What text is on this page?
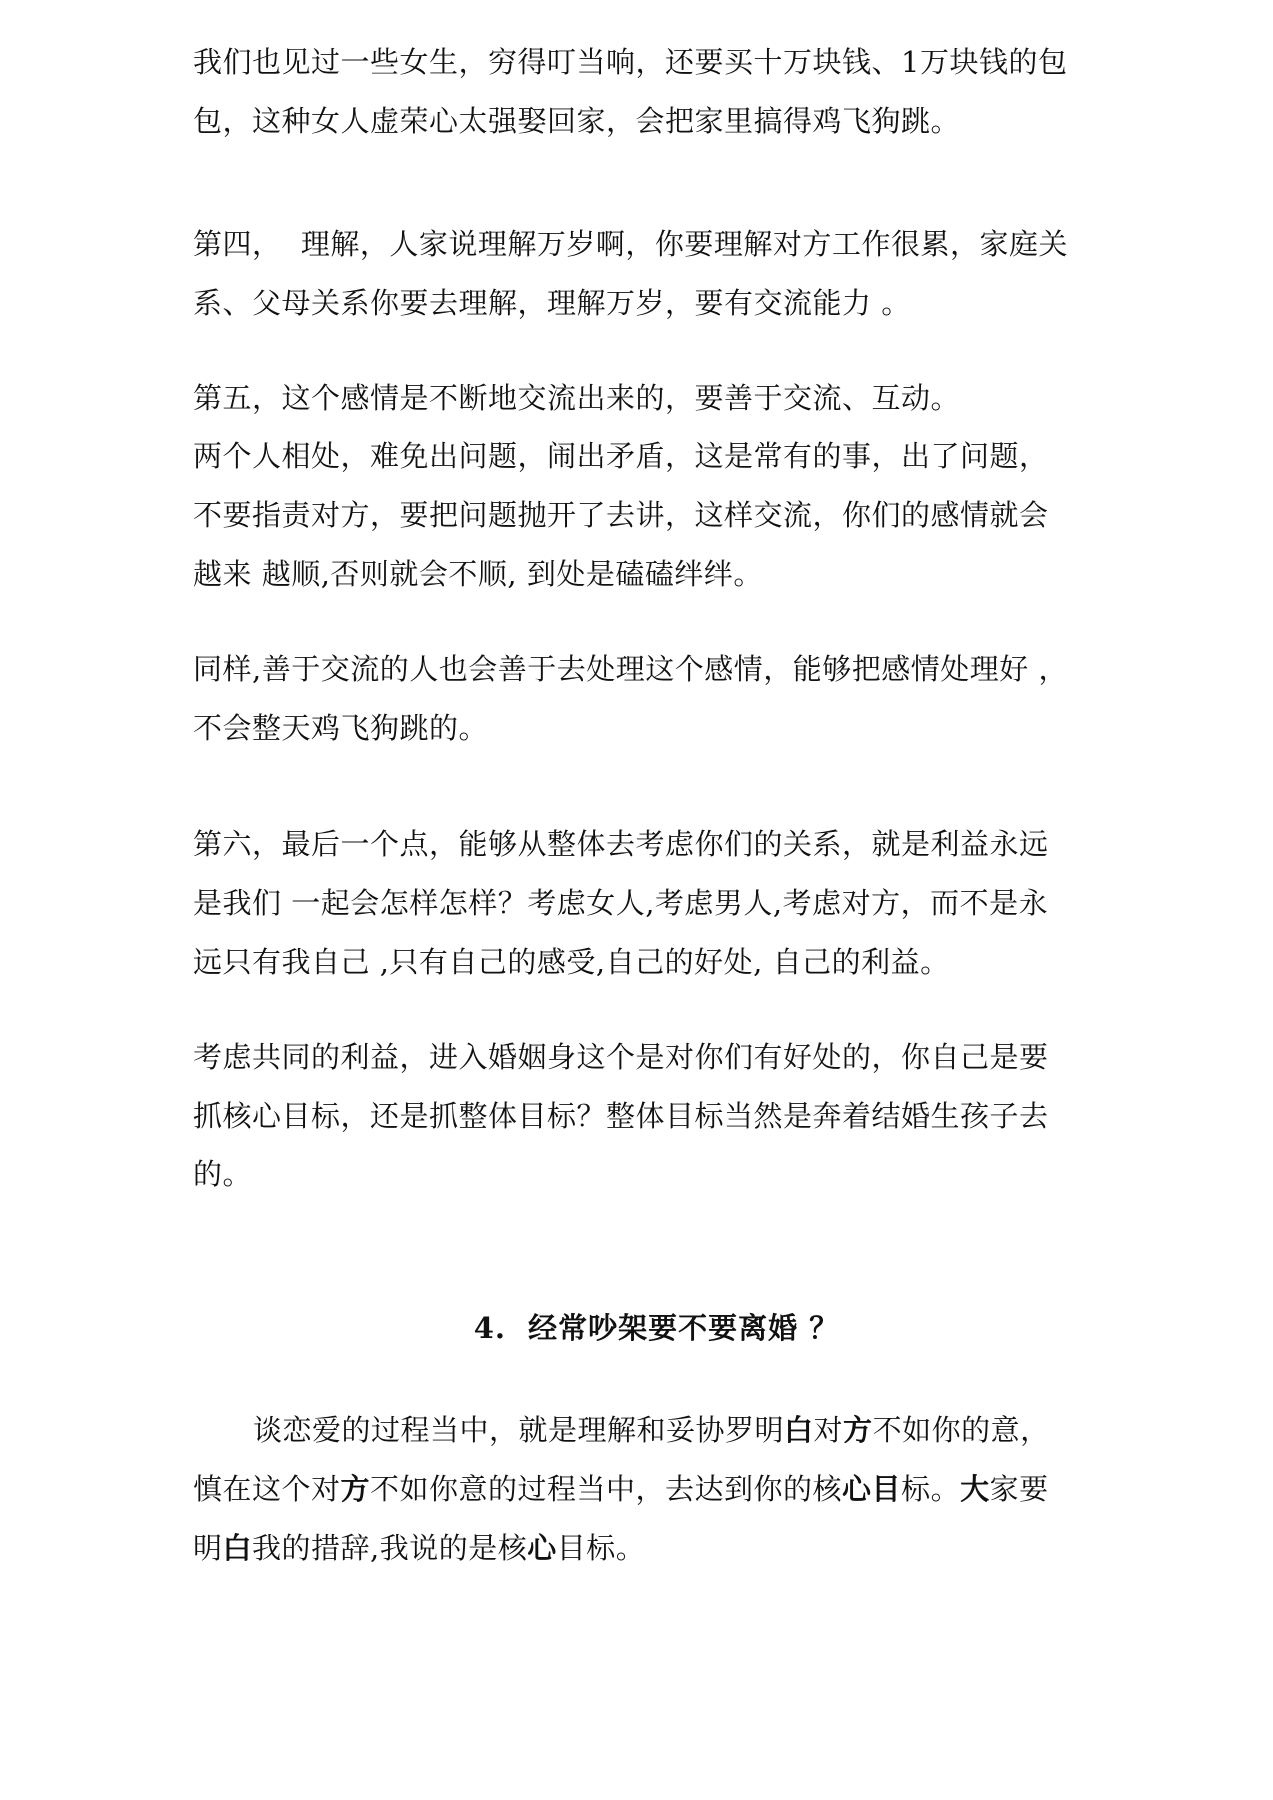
我们也见过一些女生，穷得叮当响，还要买十万块钱、1万块钱的包
包，这种女人虚荣心太强娶回家，会把家里搞得鸡飞狗跳。
第四，  理解，人家说理解万岁啊，你要理解对方工作很累，家庭关
系、父母关系你要去理解，理解万岁，要有交流能力 。
第五，这个感情是不断地交流出来的，要善于交流、互动。
两个人相处，难免出问题，闹出矛盾，这是常有的事，出了问题，
不要指责对方，要把问题抛开了去讲，这样交流，你们的感情就会
越来 越顺,否则就会不顺, 到处是磕磕绊绊。
同样,善于交流的人也会善于去处理这个感情，能够把感情处理好 ，
不会整天鸡飞狗跳的。
第六，最后一个点，能够从整体去考虑你们的关系，就是利益永远
是我们 一起会怎样怎样？考虑女人,考虑男人,考虑对方，而不是永
远只有我自己 ,只有自己的感受,自己的好处, 自己的利益。
考虑共同的利益，进入婚姻身这个是对你们有好处的，你自己是要
抓核心目标，还是抓整体目标？整体目标当然是奔着结婚生孩子去
的。
4.  经常吵架要不要离婚 ？
谈恋爱的过程当中，就是理解和妥协罗明白对方不如你的意，
慎在这个对方不如你意的过程当中，去达到你的核心目标。大家要
明白我的措辞,我说的是核心目标。
